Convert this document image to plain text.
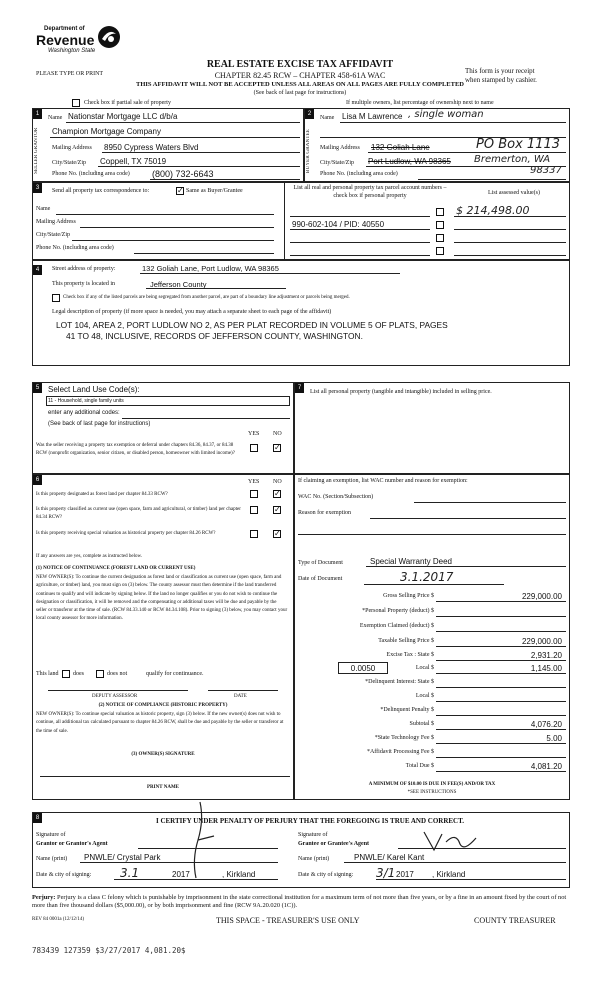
Department of
Revenue
Washington State
PLEASE TYPE OR PRINT
REAL ESTATE EXCISE TAX AFFIDAVIT
CHAPTER 82.45 RCW – CHAPTER 458-61A WAC
THIS AFFIDAVIT WILL NOT BE ACCEPTED UNLESS ALL AREAS ON ALL PAGES ARE FULLY COMPLETED
(See back of last page for instructions)
This form is your receipt
when stamped by cashier.
Check box if partial sale of property	If multiple owners, list percentage of ownership next to name
1
SELLER GRANTOR
Name Nationstar Mortgage LLC d/b/a
Champion Mortgage Company
Mailing Address 8950 Cypress Waters Blvd
City/State/Zip Coppell, TX 75019
Phone No. (including area code) (800) 732-6643
2
BUYER GRANTEE
Name Lisa M Lawrence , single woman
Mailing Address 132 Goliah Lane	PO Box 1113
City/State/Zip Port Ludlow, WA 98365 Bremerton, WA
Phone No. (including area code)	98337
3	Send all property tax correspondence to:	✓ Same as Buyer/Grantee
Name
Mailing Address
City/State/Zip
Phone No. (including area code)
List all real and personal property tax parcel account numbers – check box if personal property	List assessed value(s)
$ 214,498.00
990-602-104 / PID: 40550
4	Street address of property:	132 Goliah Lane, Port Ludlow, WA 98365
This property is located in	Jefferson County
Check box if any of the listed parcels are being segregated from another parcel, are part of a boundary line adjustment or parcels being merged.
Legal description of property (if more space is needed, you may attach a separate sheet to each page of the affidavit)
LOT 104, AREA 2, PORT LUDLOW NO 2, AS PER PLAT RECORDED IN VOLUME 5 OF PLATS, PAGES
41 TO 48, INCLUSIVE, RECORDS OF JEFFERSON COUNTY, WASHINGTON.
5	Select Land Use Code(s):
11 - Household, single family units
enter any additional codes:
(See back of last page for instructions)
YES NO
Was the seller receiving a property tax exemption or deferral under chapters 84.36, 84.37, or 84.38 RCW (nonprofit organization, senior citizen, or disabled person, homeowner with limited income)?
✓
7
List all personal property (tangible and intangible) included in selling price.
6	YES NO
Is this property designated as forest land per chapter 84.33 RCW?	✓
Is this property classified as current use (open space, farm and agricultural, or timber) land per chapter 84.34 RCW?
✓
Is this property receiving special valuation as historical property per chapter 84.26 RCW?	✓
If any answers are yes, complete as instructed below.
(1) NOTICE OF CONTINUANCE (FOREST LAND OR CURRENT USE)
NEW OWNER(S): To continue the current designation as forest land or classification as current use (open space, farm and agriculture, or timber) land, you must sign on (3) below. The county assessor must then determine if the land transferred continues to qualify and will indicate by signing below. If the land no longer qualifies or you do not wish to continue the designation or classification, it will be removed and the compensating or additional taxes will be due and payable by the seller or transferor at the time of sale. (RCW 84.33.140 or RCW 84.34.108). Prior to signing (3) below, you may contact your local county assessor for more information.
This land does	does not	qualify for continuance.
DEPUTY ASSESSOR	DATE
(2) NOTICE OF COMPLIANCE (HISTORIC PROPERTY)
NEW OWNER(S): To continue special valuation as historic property, sign (3) below. If the new owner(s) does not wish to continue, all additional tax calculated pursuant to chapter 84.26 RCW, shall be due and payable by the seller or transferor at the time of sale.
(3) OWNER(S) SIGNATURE
PRINT NAME
If claiming an exemption, list WAC number and reason for exemption:
WAC No. (Section/Subsection)
Reason for exemption
Type of Document	Special Warranty Deed
Date of Document	3.1.2017
Gross Selling Price $	229,000.00
*Personal Property (deduct) $
Exemption Claimed (deduct) $
Taxable Selling Price $	229,000.00
Excise Tax : State $	2,931.20
0.0050	Local $	1,145.00
*Delinquent Interest: State $
Local $
*Delinquent Penalty $
Subtotal $	4,076.20
*State Technology Fee $	5.00
*Affidavit Processing Fee $
Total Due $	4,081.20
A MINIMUM OF $10.00 IS DUE IN FEE(S) AND/OR TAX
*SEE INSTRUCTIONS
8	I CERTIFY UNDER PENALTY OF PERJURY THAT THE FOREGOING IS TRUE AND CORRECT.
Signature of
Grantor or Grantor's Agent
Name (print) PNWLE/ Crystal Park
Date & city of signing: 3.1	2017	, Kirkland
Signature of
Grantee or Grantee's Agent
Name (print)	PNWLE/ Karel Kant
Date & city of signing: 3/1 2017 , Kirkland
Perjury: Perjury is a class C felony which is punishable by imprisonment in the state correctional institution for a maximum term of not more than five years, or by a fine in an amount fixed by the court of not more than five thousand dollars ($5,000.00), or by both imprisonment and fine (RCW 9A.20.020 (1C)).
REV 84 0001a (12/12/14)	THIS SPACE - TREASURER'S USE ONLY	COUNTY TREASURER
783439 127359 $3/27/2017 4,081.20$
